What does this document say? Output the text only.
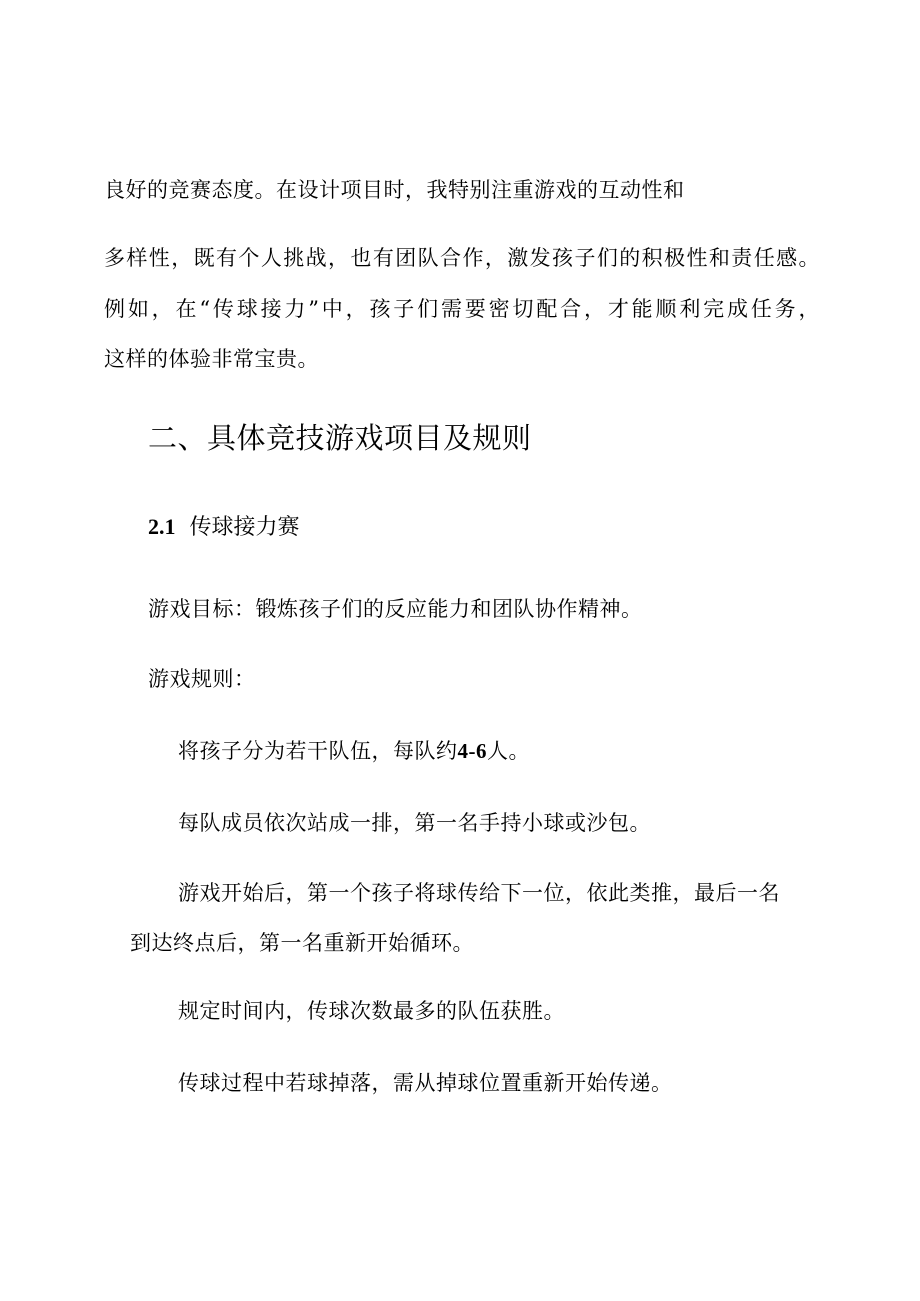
良好的竞赛态度。在设计项目时，我特别注重游戏的互动性和
多样性，既有个人挑战，也有团队合作，激发孩子们的积极性和责任感。
例如，在“传球接力”中，孩子们需要密切配合，才能顺利完成任务，
这样的体验非常宝贵。
二、具体竞技游戏项目及规则
2.1 传球接力赛
游戏目标：锻炼孩子们的反应能力和团队协作精神。
游戏规则：
将孩子分为若干队伍，每队约4-6人。
每队成员依次站成一排，第一名手持小球或沙包。
游戏开始后，第一个孩子将球传给下一位，依此类推，最后一名
到达终点后，第一名重新开始循环。
规定时间内，传球次数最多的队伍获胜。
传球过程中若球掉落，需从掉球位置重新开始传递。
